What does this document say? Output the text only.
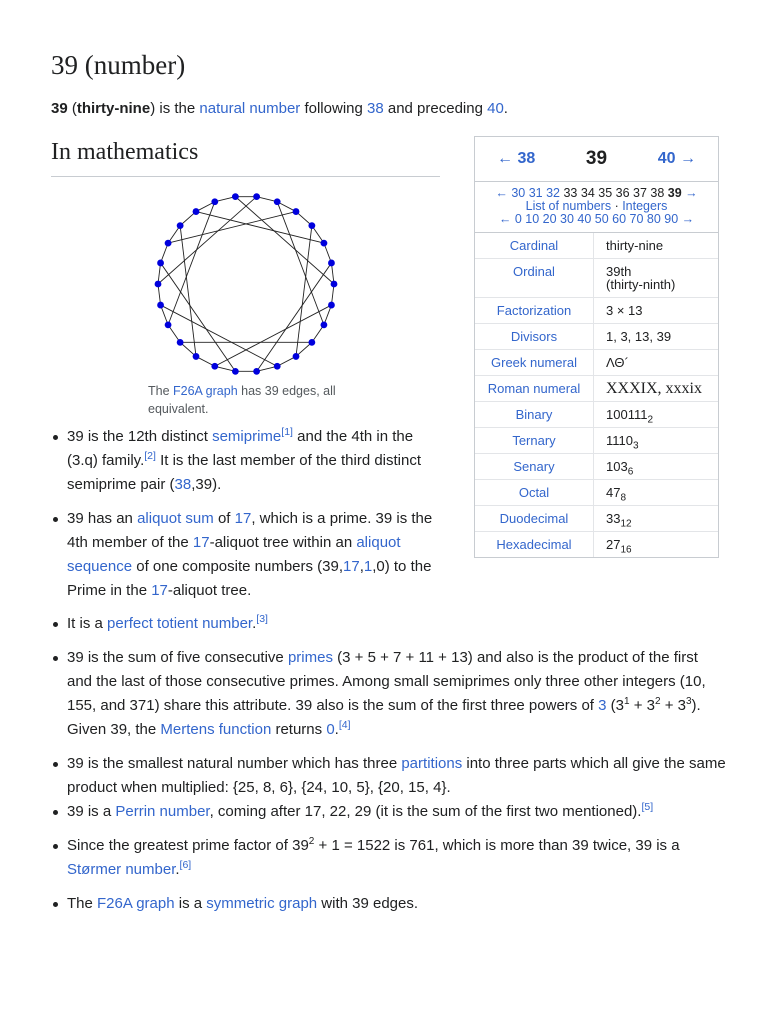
39 (number)

39 (thirty-nine) is the natural number following 38 and preceding 40.

In mathematics
The F26A graph has 39 edges, all equivalent.
← 38	39	40 →
← 30 31 32 33 34 35 36 37 38 39 →
List of numbers · Integers
← 0 10 20 30 40 50 60 70 80 90 →
Cardinal	thirty-nine
Ordinal	39th
(thirty-ninth)

Factorization	3 × 13
Divisors	1, 3, 13, 39
Greek numeral	ΛΘ´
Roman numeral	XXXIX, xxxix
Binary	$100111_2$
Ternary	$1110_3$
Senary	$103_6$
Octal	$47_8$
Duodecimal	$33_{12}$
Hexadecimal	$27_{16}$
39 is the 12th distinct semiprime[1] and the 4th in the (3.q) family.[2] It is the last member of the third distinct semiprime pair (38,39).
39 has an aliquot sum of 17, which is a prime. 39 is the 4th member of the 17-aliquot tree within an aliquot sequence of one composite numbers (39,17,1,0) to the Prime in the 17-aliquot tree.
It is a perfect totient number.[3]
39 is the sum of five consecutive primes (3 + 5 + 7 + 11 + 13) and also is the product of the first and the last of those consecutive primes. Among small semiprimes only three other integers (10, 155, and 371) share this attribute. 39 also is the sum of the first three powers of 3 $(3^1 + 3^2 + 3^3)$. Given 39, the Mertens function returns 0.[4]
39 is the smallest natural number which has three partitions into three parts which all give the same product when multiplied: {25, 8, 6}, {24, 10, 5}, {20, 15, 4}.
39 is a Perrin number, coming after 17, 22, 29 (it is the sum of the first two mentioned).[5]
Since the greatest prime factor of $39^2 + 1 = 1522$ is 761, which is more than 39 twice, 39 is a Størmer number.[6]
The F26A graph is a symmetric graph with 39 edges.
